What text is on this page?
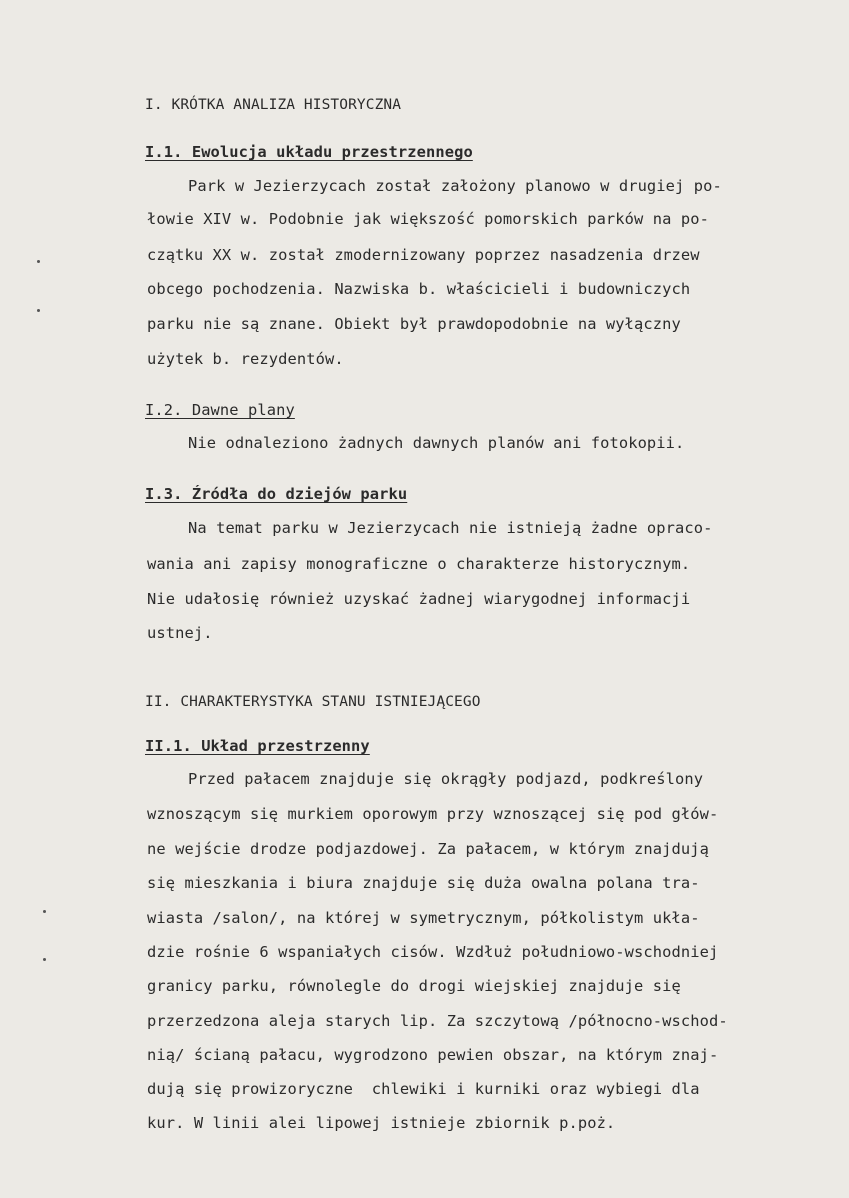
I. KRÓTKA ANALIZA HISTORYCZNA
I.1. Ewolucja układu przestrzennego
Park w Jezierzycach został założony planowo w drugiej po-
łowie XIV w. Podobnie jak większość pomorskich parków na po-
czątku XX w. został zmodernizowany poprzez nasadzenia drzew
obcego pochodzenia. Nazwiska b. właścicieli i budowniczych
parku nie są znane. Obiekt był prawdopodobnie na wyłączny
użytek b. rezydentów.
I.2. Dawne plany
Nie odnaleziono żadnych dawnych planów ani fotokopii.
I.3. Źródła do dziejów parku
Na temat parku w Jezierzycach nie istnieją żadne opraco-
wania ani zapisy monograficzne o charakterze historycznym.
Nie udałosię również uzyskać żadnej wiarygodnej informacji
ustnej.
II. CHARAKTERYSTYKA STANU ISTNIEJĄCEGO
II.1. Układ przestrzenny
Przed pałacem znajduje się okrągły podjazd, podkreślony
wznoszącym się murkiem oporowym przy wznoszącej się pod głów-
ne wejście drodze podjazdowej. Za pałacem, w którym znajdują
się mieszkania i biura znajduje się duża owalna polana tra-
wiasta /salon/, na której w symetrycznym, półkolistym ukła-
dzie rośnie 6 wspaniałych cisów. Wzdłuż południowo-wschodniej
granicy parku, równolegle do drogi wiejskiej znajduje się
przerzedzona aleja starych lip. Za szczytową /północno-wschod-
nią/ ścianą pałacu, wygrodzono pewien obszar, na którym znaj-
dują się prowizoryczne  chlewiki i kurniki oraz wybiegi dla
kur. W linii alei lipowej istnieje zbiornik p.poż.
